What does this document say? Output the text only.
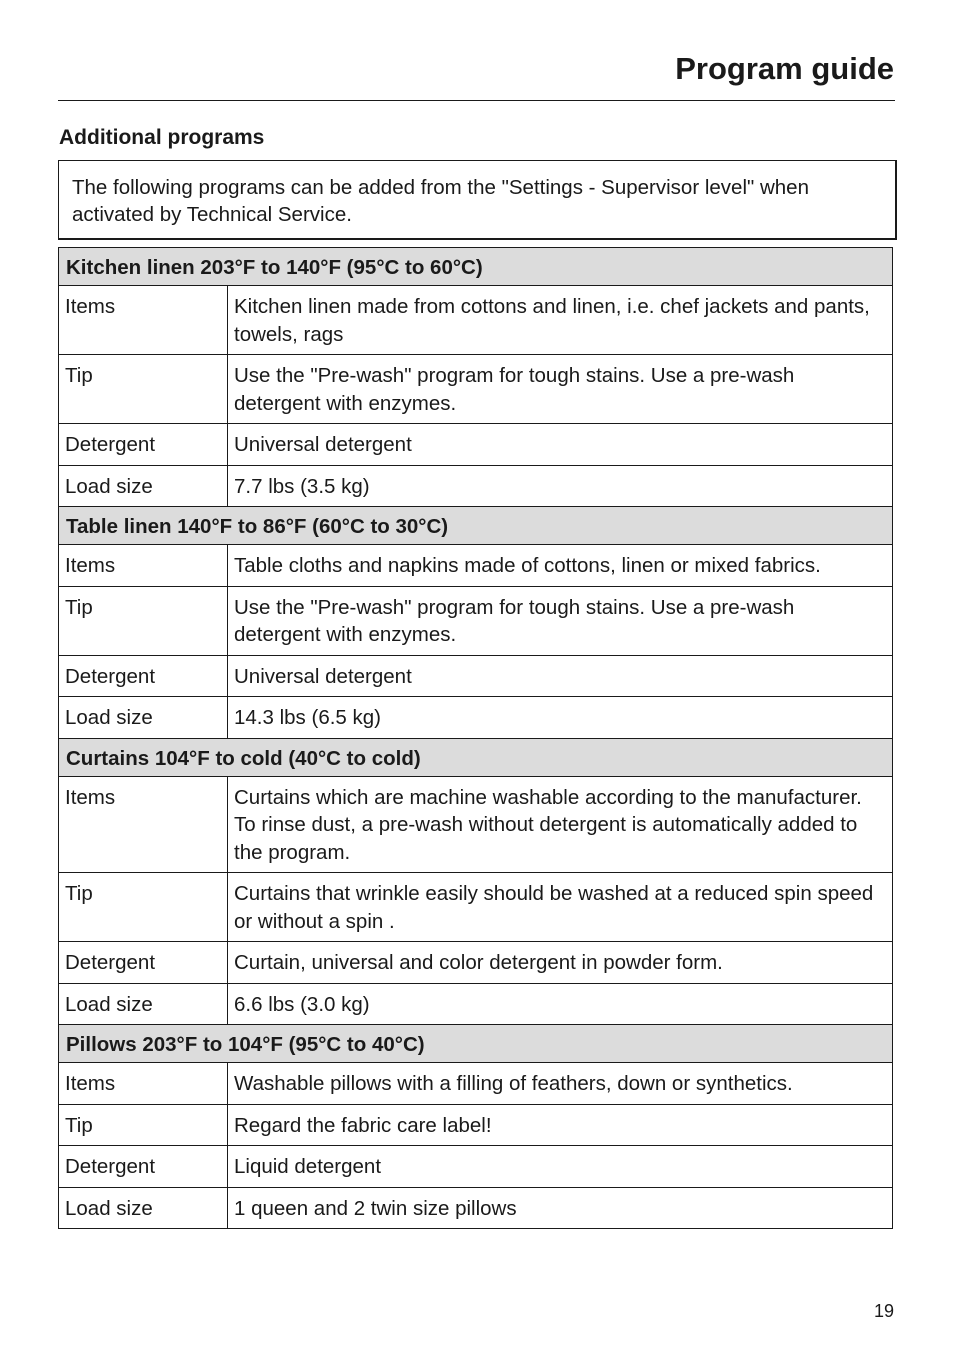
Program guide
Additional programs
The following programs can be added from the "Settings - Supervisor level" when activated by Technical Service.
Kitchen linen 203°F to 140°F (95°C to 60°C)	
Items	Kitchen linen made from cottons and linen, i.e. chef jackets and pants, towels, rags
Tip	Use the "Pre-wash" program for tough stains. Use a pre-wash detergent with enzymes.
Detergent	Universal detergent
Load size	7.7 lbs (3.5 kg)
Table linen 140°F to 86°F (60°C to 30°C)	
Items	Table cloths and napkins made of cottons, linen or mixed fabrics.
Tip	Use the "Pre-wash" program for tough stains. Use a pre-wash detergent with enzymes.
Detergent	Universal detergent
Load size	14.3 lbs (6.5 kg)
Curtains 104°F to cold (40°C to cold)	
Items	Curtains which are machine washable according to the manufacturer. To rinse dust, a pre-wash without detergent is automatically added to the program.
Tip	Curtains that wrinkle easily should be washed at a reduced spin speed or without a spin .
Detergent	Curtain, universal and color detergent in powder form.
Load size	6.6 lbs (3.0 kg)
Pillows 203°F to 104°F (95°C to 40°C)	
Items	Washable pillows with a filling of feathers, down or synthetics.
Tip	Regard the fabric care label!
Detergent	Liquid detergent
Load size	1 queen and 2 twin size pillows
19
